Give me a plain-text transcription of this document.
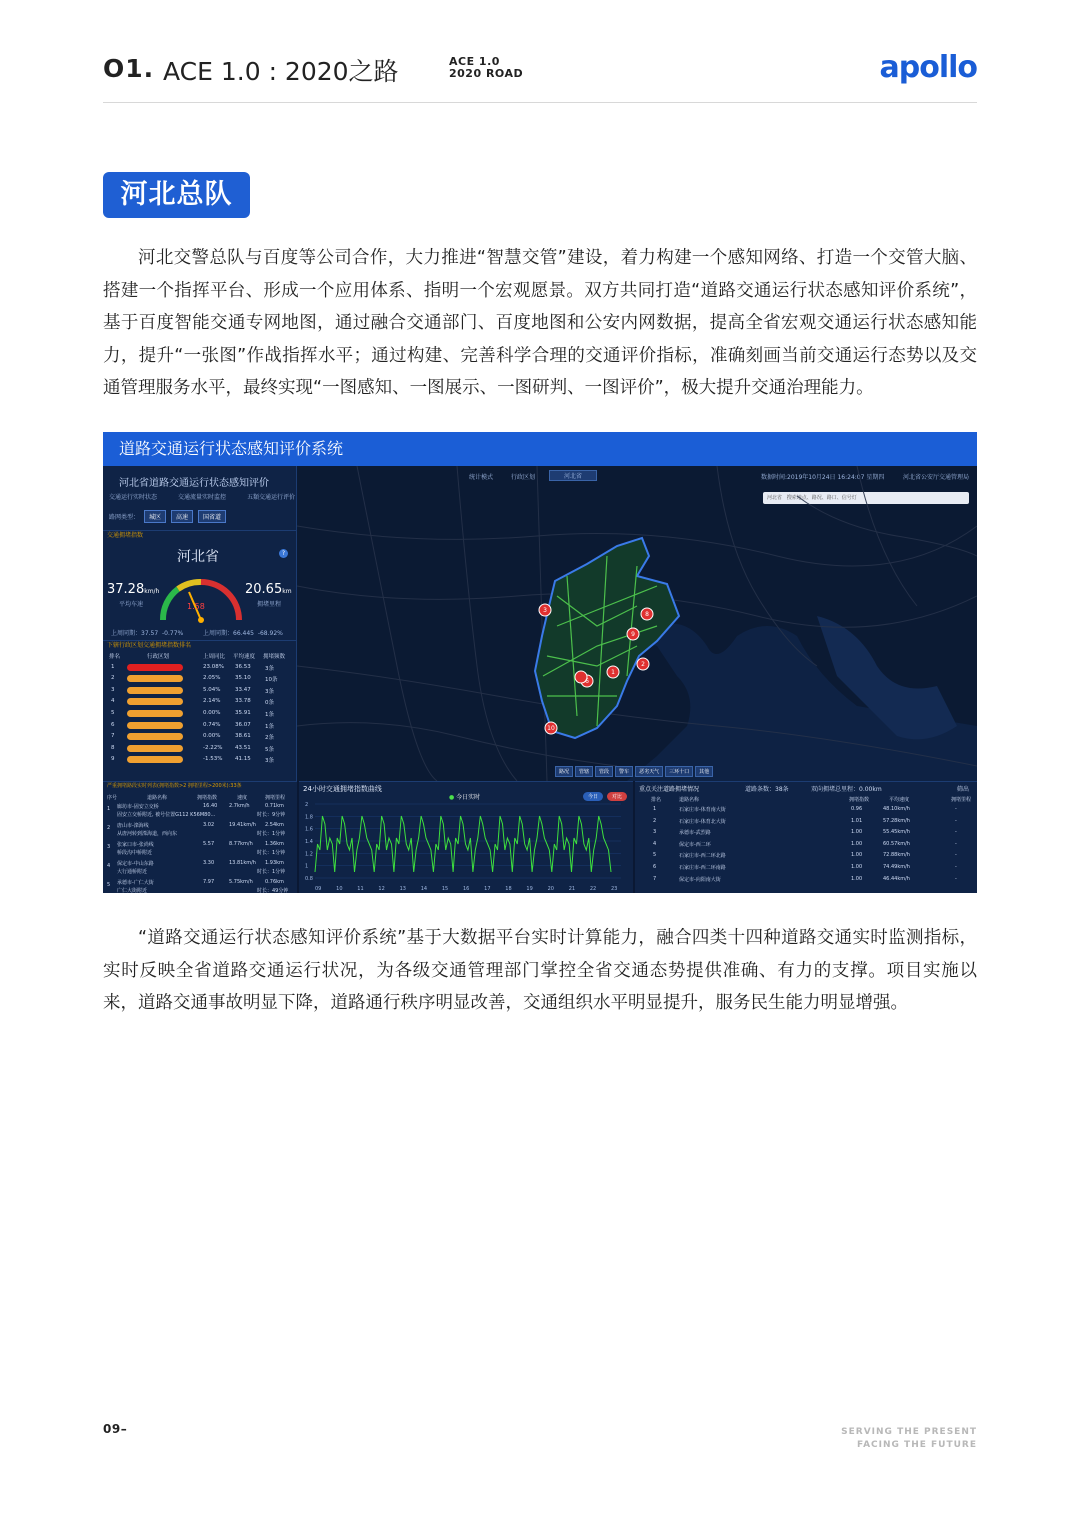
O1. ACE 1.0 : 2020之路	ACE 1.0
2020 ROAD	apollo
河北总队

河北交警总队与百度等公司合作，大力推进“智慧交管”建设，着力构建一个感知网络、打造一个交管大脑、搭建一个指挥平台、形成一个应用体系、指明一个宏观愿景。双方共同打造“道路交通运行状态感知评价系统”，基于百度智能交通专网地图，通过融合交通部门、百度地图和公安内网数据，提高全省宏观交通运行状态感知能力，提升“一张图”作战指挥水平；通过构建、完善科学合理的交通评价指标，准确刻画当前交通运行态势以及交通管理服务水平，最终实现“一图感知、一图展示、一图研判、一图评价”，极大提升交通治理能力。

道路交通运行状态感知评价系统
河北省道路交通运行状态感知评价
交通运行实时状态	交通流量实时监控	五類交通运行评价
路网类型：	城区	高速	国省道
交通拥堵指数
河北省	?
37.28km/h
平均车速
20.65km
拥堵里程
1.58
上周同期：37.57 -0.77%	上周同期：66.445 -68.92%
下辖行政区划交通拥堵指数排名
排名	行政区划	上周同比 平均速度 拥堵频数
1	23.08% 36.53	3条
2	2.05%	35.10	10条
3	5.04%	33.47	3条
4	2.14%	33.78	0条
5	0.00%	35.91	1条
6	0.74%	36.07	1条
7	0.00%	38.61	2条
8	-2.22% 43.51	5条
9	-1.53% 41.15	3条
统计模式	行政区划	河北省	数据时间:2019年10月24日 16:24:07 星期四	河北省公安厅交通管理局
河北省 搜索地点、路况、路口、信号灯
3
8
9
2
1
6
10
路况	管辖	管段	警车	恶劣天气	三环十口	其他
严重拥堵路段实时列表(拥堵指数>2 拥堵里程>200米):33条
序号	道路名称	拥堵指数	速度	拥堵里程
1 廊坊市-固安立交桥	16.40 2.7km/h	0.71km
固安立交桥附近, 被号位置G112 K56M80...	时长：9分钟
2 唐山市-滦海线	3.02	19.41km/h 2.54km
从唐河转到滦海道，西向东	时长：1分钟
3 张家口市-张尚线	5.57	8.77km/h 1.36km
桥段沟中桥附近	时长：1分钟
4 保定市-中山东路	3.30	13.81km/h 1.93km
大行通桥附近	时长：1分钟
5 承德市-广仁大街	7.97	5.75km/h 0.76km
广仁大街附近	时长：49分钟
24小时交通拥堵指数曲线
● 今日实时	今日	对比
2
1.8
1.6
1.4
1.2
1
0.8
09	10	11	12	13	14	15	16	17	18	19	20	21	22	23
重点关注道路拥堵情况	道路条数：38条	双向拥堵总里程：0.00km	筛出
排名	道路名称	拥堵指数	平均速度	拥堵里程
1	石家庄市-体育南大街	0.96	48.10km/h	-
2	石家庄市-体育北大街	1.01	57.28km/h	-
3	承德市-武烈路	1.00	55.45km/h	-
4	保定市-西二环	1.00	60.57km/h	-
5	石家庄市-西二环北路	1.00	72.88km/h	-
6	石家庄市-西二环南路	1.00	74.49km/h	-
7	保定市-向阳南大街	1.00	46.44km/h	-

“道路交通运行状态感知评价系统”基于大数据平台实时计算能力，融合四类十四种道路交通实时监测指标，实时反映全省道路交通运行状况，为各级交通管理部门掌控全省交通态势提供准确、有力的支撑。项目实施以来，道路交通事故明显下降，道路通行秩序明显改善，交通组织水平明显提升，服务民生能力明显增强。

09–	SERVING THE PRESENT
FACING THE FUTURE
